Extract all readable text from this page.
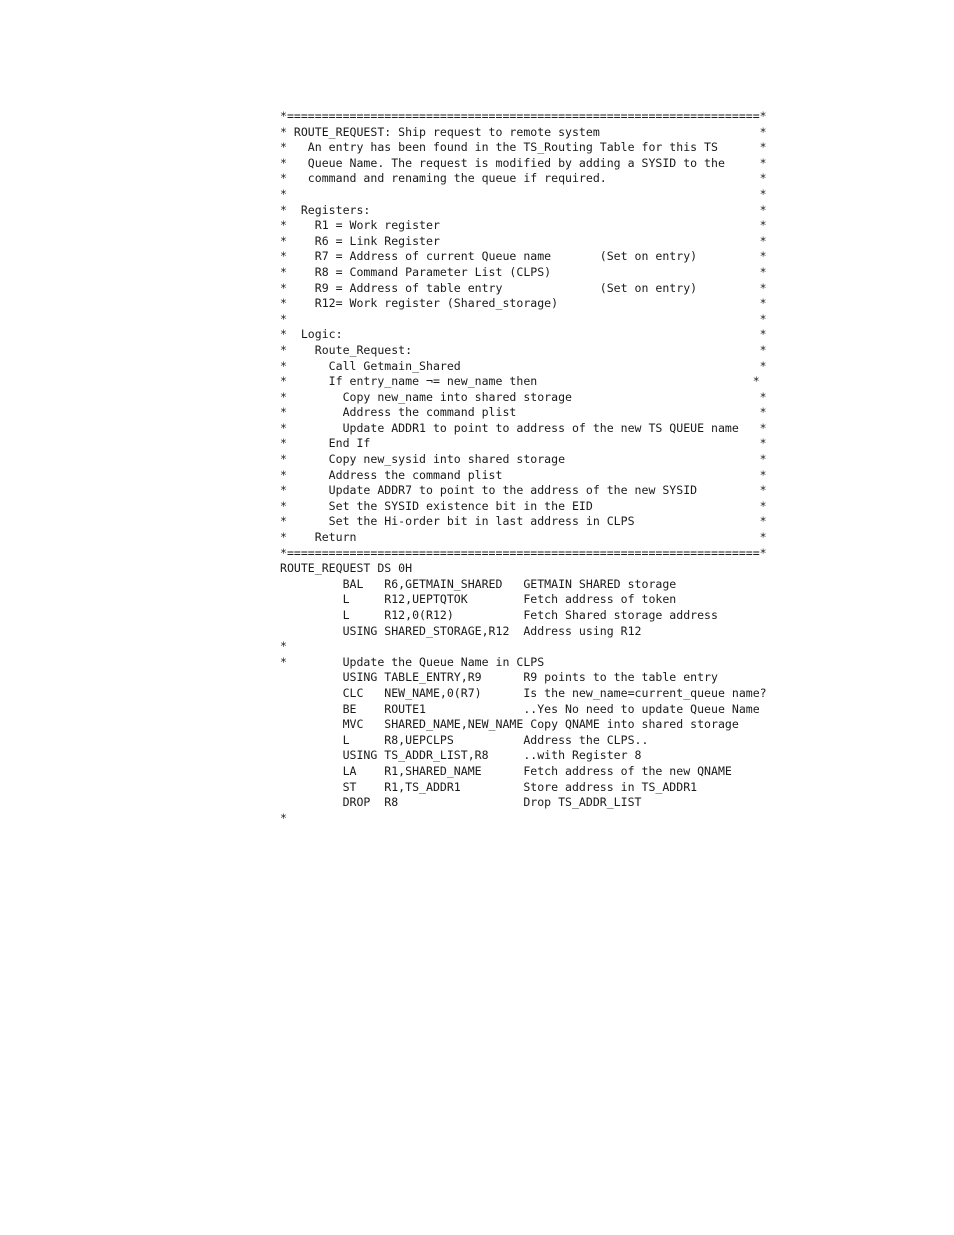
*====================================================================*
* ROUTE_REQUEST: Ship request to remote system                       *
*   An entry has been found in the TS_Routing Table for this TS      *
*   Queue Name. The request is modified by adding a SYSID to the     *
*   command and renaming the queue if required.                      *
*                                                                    *
*  Registers:                                                        *
*    R1 = Work register                                              *
*    R6 = Link Register                                              *
*    R7 = Address of current Queue name       (Set on entry)         *
*    R8 = Command Parameter List (CLPS)                              *
*    R9 = Address of table entry              (Set on entry)         *
*    R12= Work register (Shared_storage)                             *
*                                                                    *
*  Logic:                                                            *
*    Route_Request:                                                  *
*      Call Getmain_Shared                                           *
*      If entry_name ¬= new_name then                               *
*        Copy new_name into shared storage                           *
*        Address the command plist                                   *
*        Update ADDR1 to point to address of the new TS QUEUE name   *
*      End If                                                        *
*      Copy new_sysid into shared storage                            *
*      Address the command plist                                     *
*      Update ADDR7 to point to the address of the new SYSID         *
*      Set the SYSID existence bit in the EID                        *
*      Set the Hi-order bit in last address in CLPS                  *
*    Return                                                          *
*====================================================================*
ROUTE_REQUEST DS 0H
BAL   R6,GETMAIN_SHARED   GETMAIN SHARED storage
L     R12,UEPTQTOK        Fetch address of token
L     R12,0(R12)          Fetch Shared storage address
USING SHARED_STORAGE,R12  Address using R12
*
*        Update the Queue Name in CLPS
USING TABLE_ENTRY,R9      R9 points to the table entry
CLC   NEW_NAME,0(R7)      Is the new_name=current_queue name?
BE    ROUTE1              ..Yes No need to update Queue Name
MVC   SHARED_NAME,NEW_NAME Copy QNAME into shared storage
L     R8,UEPCLPS          Address the CLPS..
USING TS_ADDR_LIST,R8     ..with Register 8
LA    R1,SHARED_NAME      Fetch address of the new QNAME
ST    R1,TS_ADDR1         Store address in TS_ADDR1
DROP  R8                  Drop TS_ADDR_LIST
*
